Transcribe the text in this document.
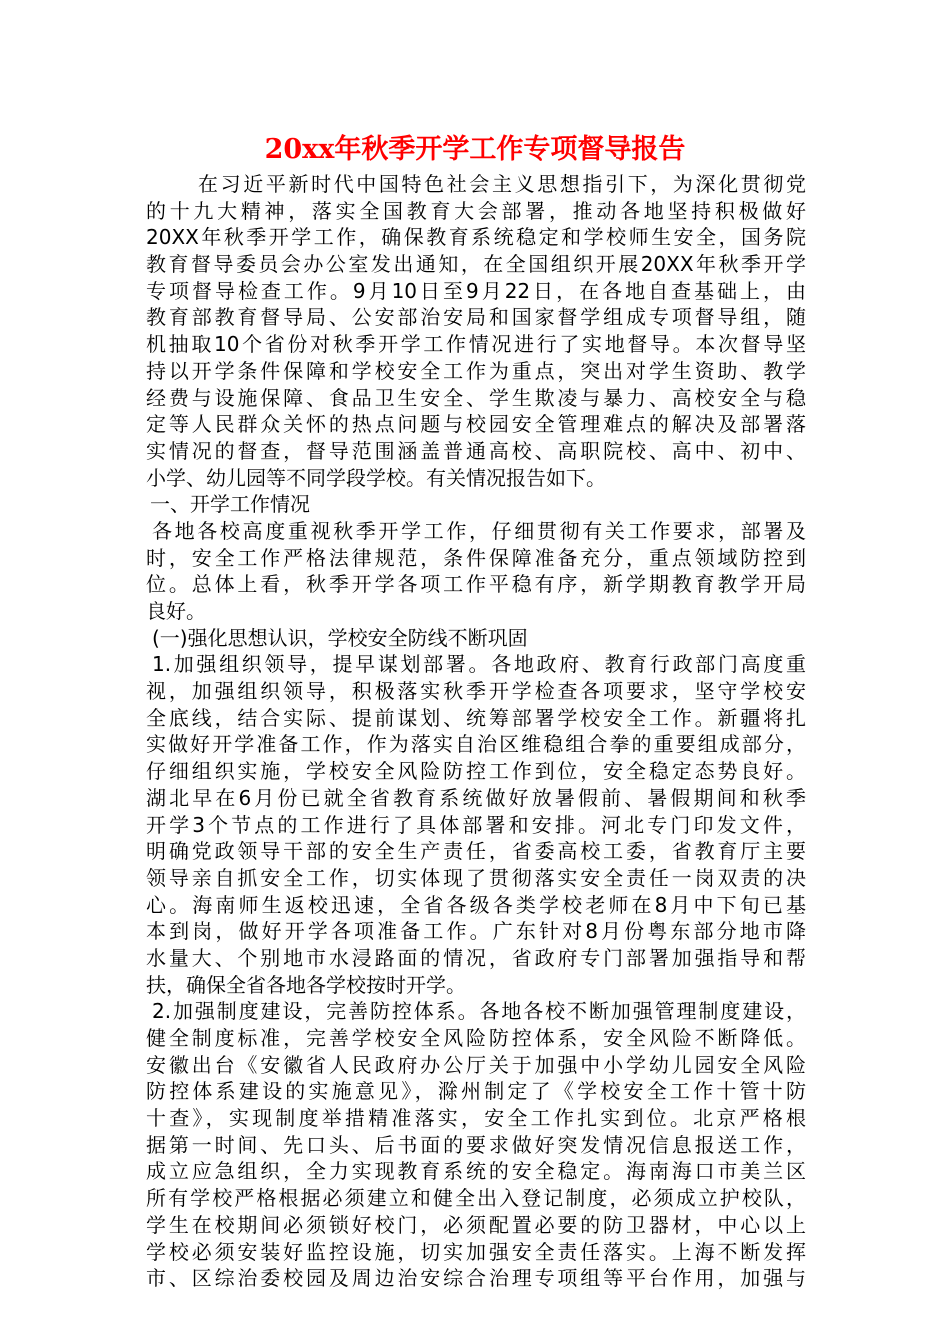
20xx年秋季开学工作专项督导报告
在习近平新时代中国特色社会主义思想指引下，为深化贯彻党
的十九大精神，落实全国教育大会部署，推动各地坚持积极做好
20XX年秋季开学工作，确保教育系统稳定和学校师生安全，国务院
教育督导委员会办公室发出通知，在全国组织开展20XX年秋季开学
专项督导检查工作。9月10日至9月22日，在各地自查基础上，由
教育部教育督导局、公安部治安局和国家督学组成专项督导组，随
机抽取10个省份对秋季开学工作情况进行了实地督导。本次督导坚
持以开学条件保障和学校安全工作为重点，突出对学生资助、教学
经费与设施保障、食品卫生安全、学生欺凌与暴力、高校安全与稳
定等人民群众关怀的热点问题与校园安全管理难点的解决及部署落
实情况的督查，督导范围涵盖普通高校、高职院校、高中、初中、
小学、幼儿园等不同学段学校。有关情况报告如下。
一、开学工作情况
各地各校高度重视秋季开学工作，仔细贯彻有关工作要求，部署及
时，安全工作严格法律规范，条件保障准备充分，重点领域防控到
位。总体上看，秋季开学各项工作平稳有序，新学期教育教学开局
良好。
(一)强化思想认识，学校安全防线不断巩固
1.加强组织领导，提早谋划部署。各地政府、教育行政部门高度重
视，加强组织领导，积极落实秋季开学检查各项要求，坚守学校安
全底线，结合实际、提前谋划、统筹部署学校安全工作。新疆将扎
实做好开学准备工作，作为落实自治区维稳组合拳的重要组成部分，
仔细组织实施，学校安全风险防控工作到位，安全稳定态势良好。
湖北早在6月份已就全省教育系统做好放暑假前、暑假期间和秋季
开学3个节点的工作进行了具体部署和安排。河北专门印发文件，
明确党政领导干部的安全生产责任，省委高校工委，省教育厅主要
领导亲自抓安全工作，切实体现了贯彻落实安全责任一岗双责的决
心。海南师生返校迅速，全省各级各类学校老师在8月中下旬已基
本到岗，做好开学各项准备工作。广东针对8月份粤东部分地市降
水量大、个别地市水浸路面的情况，省政府专门部署加强指导和帮
扶，确保全省各地各学校按时开学。
2.加强制度建设，完善防控体系。各地各校不断加强管理制度建设，
健全制度标准，完善学校安全风险防控体系，安全风险不断降低。
安徽出台《安徽省人民政府办公厅关于加强中小学幼儿园安全风险
防控体系建设的实施意见》，滁州制定了《学校安全工作十管十防
十查》，实现制度举措精准落实，安全工作扎实到位。北京严格根
据第一时间、先口头、后书面的要求做好突发情况信息报送工作，
成立应急组织，全力实现教育系统的安全稳定。海南海口市美兰区
所有学校严格根据必须建立和健全出入登记制度，必须成立护校队，
学生在校期间必须锁好校门，必须配置必要的防卫器材，中心以上
学校必须安装好监控设施，切实加强安全责任落实。上海不断发挥
市、区综治委校园及周边治安综合治理专项组等平台作用，加强与
